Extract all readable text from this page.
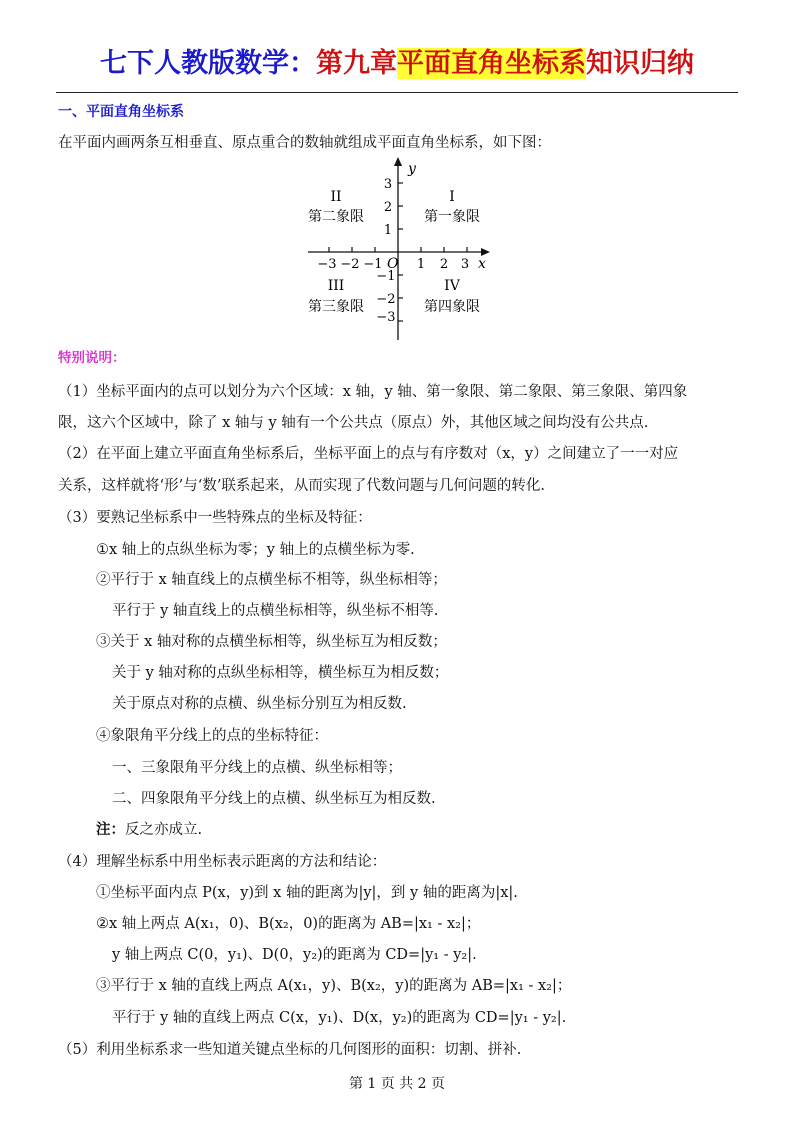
七下人教版数学：第九章平面直角坐标系知识归纳
一、平面直角坐标系
在平面内画两条互相垂直、原点重合的数轴就组成平面直角坐标系，如下图：
y
x
O
−3 −2 −1	1 2 3
3
2
1
−1
−2
−3
II
第二象限
I
第一象限
III
第三象限
IV
第四象限
特别说明：
（1）坐标平面内的点可以划分为六个区域：x 轴，y 轴、第一象限、第二象限、第三象限、第四象
限，这六个区域中，除了 x 轴与 y 轴有一个公共点（原点）外，其他区域之间均没有公共点.
（2）在平面上建立平面直角坐标系后，坐标平面上的点与有序数对（x，y）之间建立了一一对应
关系，这样就将‘形’与‘数’联系起来，从而实现了代数问题与几何问题的转化.
（3）要熟记坐标系中一些特殊点的坐标及特征：
①x 轴上的点纵坐标为零；y 轴上的点横坐标为零.
②平行于 x 轴直线上的点横坐标不相等，纵坐标相等；
平行于 y 轴直线上的点横坐标相等，纵坐标不相等.
③关于 x 轴对称的点横坐标相等，纵坐标互为相反数；
关于 y 轴对称的点纵坐标相等，横坐标互为相反数；
关于原点对称的点横、纵坐标分别互为相反数.
④象限角平分线上的点的坐标特征：
一、三象限角平分线上的点横、纵坐标相等；
二、四象限角平分线上的点横、纵坐标互为相反数.
注：反之亦成立.
（4）理解坐标系中用坐标表示距离的方法和结论：
①坐标平面内点 P(x，y)到 x 轴的距离为|y|，到 y 轴的距离为|x|.
②x 轴上两点 A(x₁，0)、B(x₂，0)的距离为 AB=|x₁ - x₂|；
y 轴上两点 C(0，y₁)、D(0，y₂)的距离为 CD=|y₁ - y₂|.
③平行于 x 轴的直线上两点 A(x₁，y)、B(x₂，y)的距离为 AB=|x₁ - x₂|；
平行于 y 轴的直线上两点 C(x，y₁)、D(x，y₂)的距离为 CD=|y₁ - y₂|.
（5）利用坐标系求一些知道关键点坐标的几何图形的面积：切割、拼补.
第 1 页 共 2 页
